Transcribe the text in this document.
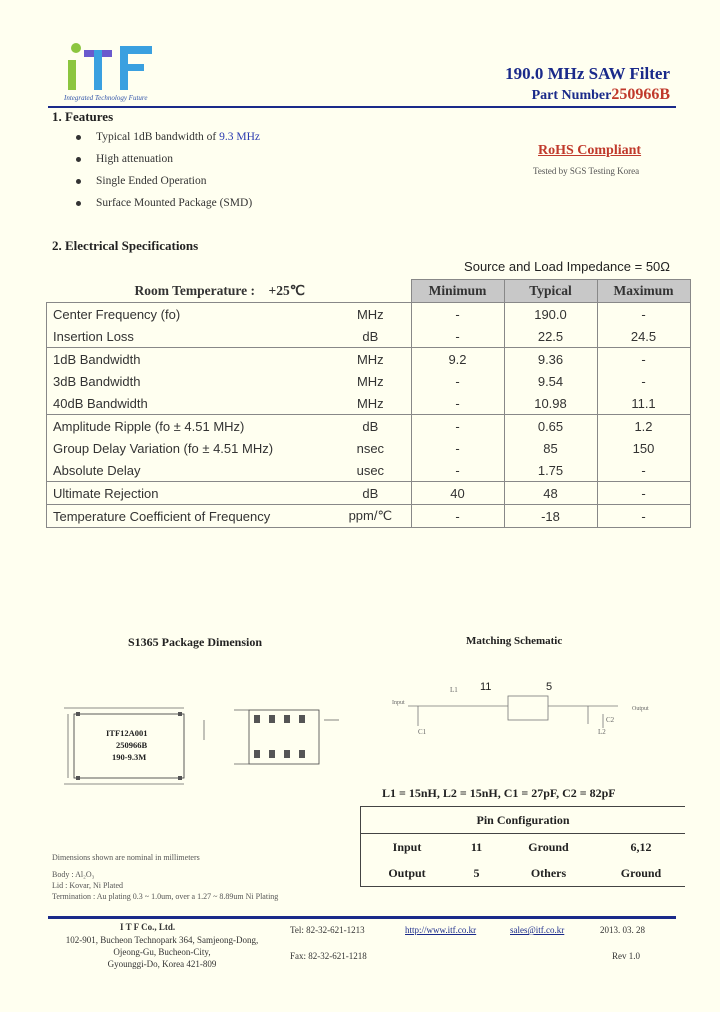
Integrated Technology Future
190.0 MHz SAW Filter
Part Number250966B
1. Features
Typical 1dB bandwidth of 9.3 MHz
High attenuation
Single Ended Operation
Surface Mounted Package (SMD)
RoHS Compliant
Tested by SGS Testing Korea
2. Electrical Specifications
Source and Load Impedance = 50Ω
Room Temperature : +25℃		Minimum	Typical	Maximum
Center Frequency (fo)	MHz	-	190.0	-
Insertion Loss	dB	-	22.5	24.5
1dB Bandwidth	MHz	9.2	9.36	-
3dB Bandwidth	MHz	-	9.54	-
40dB Bandwidth	MHz	-	10.98	11.1
Amplitude Ripple (fo ± 4.51 MHz)	dB	-	0.65	1.2
Group Delay Variation (fo ± 4.51 MHz)	nsec	-	85	150
Absolute Delay	usec	-	1.75	-
Ultimate Rejection	dB	40	48	-
Temperature Coefficient of Frequency	ppm/℃	-	-18	-
S1365 Package Dimension	Matching Schematic
ITF12A001
250966B
190-9.3M
11	5
L1
C1	L2
C2
Input
Output
L1 = 15nH, L2 = 15nH, C1 = 27pF, C2 = 82pF
Pin Configuration			
Input	11	Ground	6,12
Output	5	Others	Ground
Dimensions shown are nominal in millimeters
Body : Al₂O₃
Lid : Kovar, Ni Plated
Termination : Au plating 0.3 ~ 1.0um, over a 1.27 ~ 8.89um Ni Plating
I T F Co., Ltd.
102-901, Bucheon Technopark 364, Samjeong-Dong,
Ojeong-Gu, Bucheon-City,
Gyounggi-Do, Korea 421-809
Tel: 82-32-621-1213
Fax: 82-32-621-1218
http://www.itf.co.kr	sales@itf.co.kr	2013. 03. 28
Rev 1.0
